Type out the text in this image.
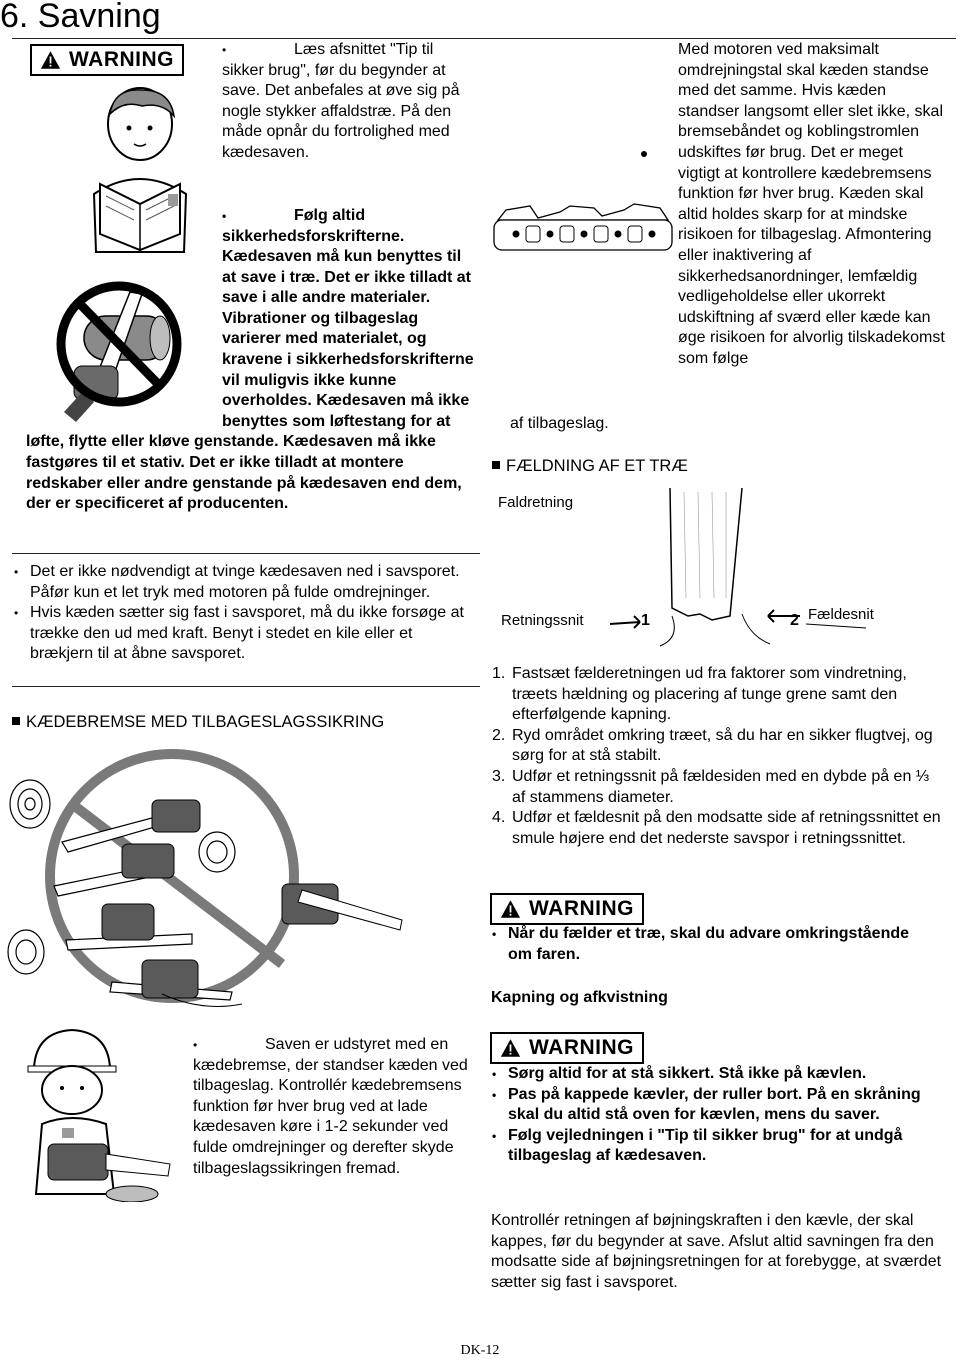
6. Savning
WARNING	•	Læs afsnittet "Tip til sikker brug", før du begynder at save. Det anbefales at øve sig på nogle stykker affaldstræ. På den måde opnår du fortrolighed med kædesaven.
•	Følg altid sikkerhedsforskrifterne.
Kædesaven må kun benyttes til at save i træ. Det er ikke tilladt at save i alle andre materialer. Vibrationer og tilbageslag varierer med materialet, og kravene i sikkerhedsforskrifterne vil muligvis ikke kunne overholdes. Kædesaven må ikke benyttes som løftestang for at løfte, flytte eller kløve genstande. Kædesaven må ikke fastgøres til et stativ. Det er ikke tilladt at montere redskaber eller andre genstande på kædesaven end dem, der er specificeret af producenten.
• Det er ikke nødvendigt at tvinge kædesaven ned i savsporet. Påfør kun et let tryk med motoren på fulde omdrejninger.
• Hvis kæden sætter sig fast i savsporet, må du ikke forsøge at trække den ud med kraft. Benyt i stedet en kile eller et brækjern til at åbne savsporet.
KÆDEBREMSE MED TILBAGESLAGSSIKRING
•	Saven er udstyret med en kædebremse, der standser kæden ved tilbageslag. Kontrollér kædebremsens funktion før hver brug ved at lade kædesaven køre i 1-2 sekunder ved fulde omdrejninger og derefter skyde tilbageslagssikringen fremad.
Med motoren ved maksimalt omdrejningstal skal kæden standse med det samme. Hvis kæden standser langsomt eller slet ikke, skal bremsebåndet og koblingstromlen udskiftes før brug. Det er meget vigtigt at kontrollere kædebremsens funktion før hver brug. Kæden skal altid holdes skarp for at mindske risikoen for tilbageslag. Afmontering eller inaktivering af sikkerhedsanordninger, lemfældig vedligeholdelse eller ukorrekt udskiftning af sværd eller kæde kan øge risikoen for alvorlig tilskadekomst som følge
af tilbageslag.
FÆLDNING AF ET TRÆ
Faldretning
1	2
Retningssnit	Fældesnit
1. Fastsæt fælderetningen ud fra faktorer som vindretning, træets hældning og placering af tunge grene samt den efterfølgende kapning.
2. Ryd området omkring træet, så du har en sikker flugtvej, og sørg for at stå stabilt.
3. Udfør et retningssnit på fældesiden med en dybde på en ⅓ af stammens diameter.
4. Udfør et fældesnit på den modsatte side af retningssnittet en smule højere end det nederste savspor i retningssnittet.
WARNING
• Når du fælder et træ, skal du advare omkringstående om faren.
Kapning og afkvistning
WARNING
• Sørg altid for at stå sikkert. Stå ikke på kævlen.
• Pas på kappede kævler, der ruller bort. På en skråning skal du altid stå oven for kævlen, mens du saver.
• Følg vejledningen i "Tip til sikker brug" for at undgå tilbageslag af kædesaven.
Kontrollér retningen af bøjningskraften i den kævle, der skal kappes, før du begynder at save. Afslut altid savningen fra den modsatte side af bøjningsretningen for at forebygge, at sværdet sætter sig fast i savsporet.
DK-12
